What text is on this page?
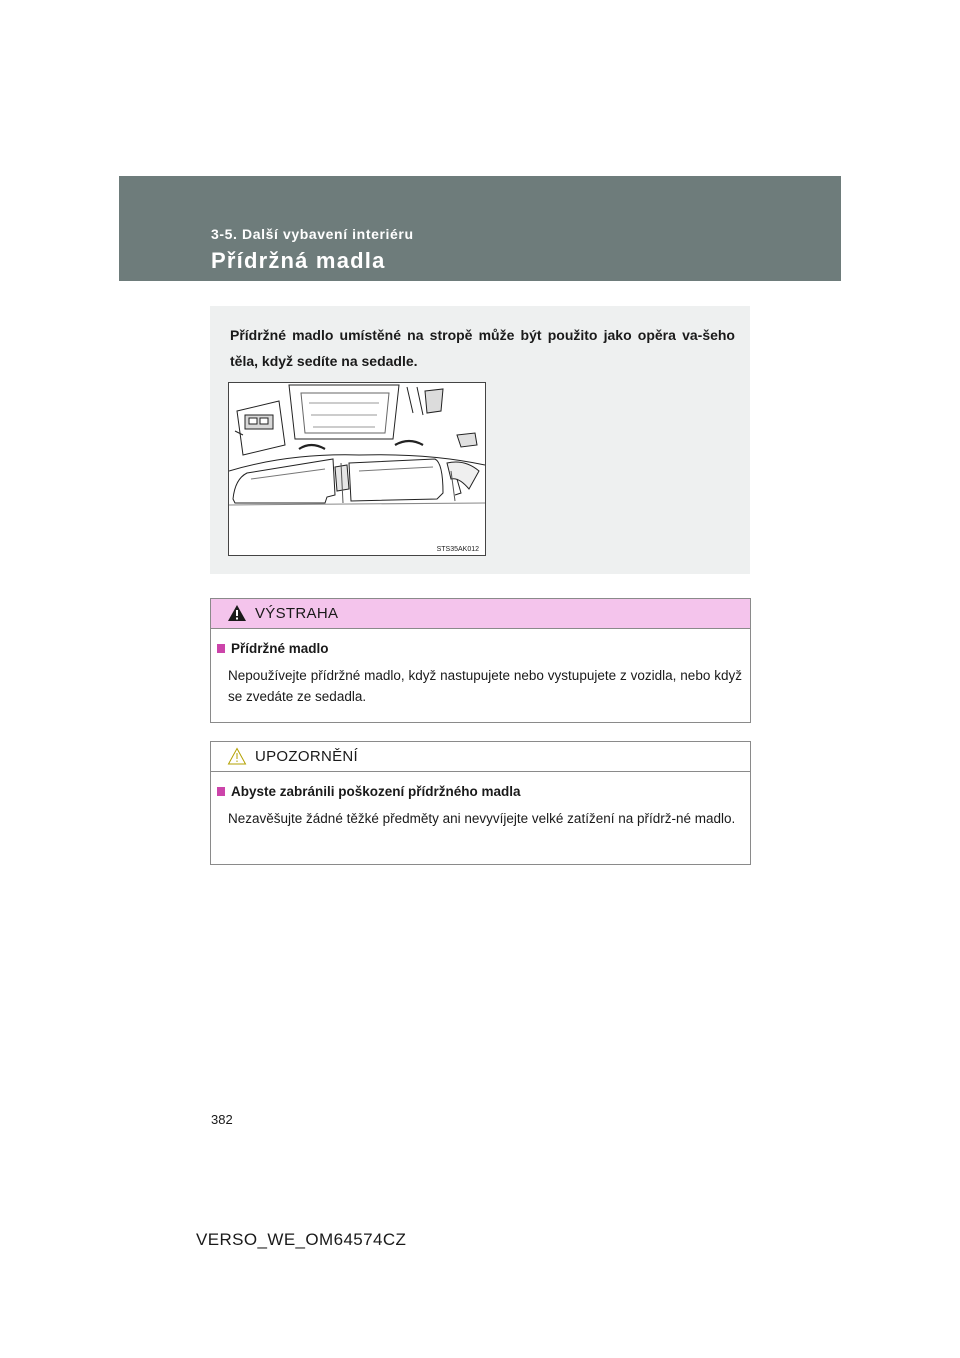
3-5. Další vybavení interiéru
Přídržná madla
Přídržné madlo umístěné na stropě může být použito jako opěra va-šeho těla, když sedíte na sedadle.
STS35AK012
VÝSTRAHA
Přídržné madlo
Nepoužívejte přídržné madlo, když nastupujete nebo vystupujete z vozidla, nebo když se zvedáte ze sedadla.
UPOZORNĚNÍ
Abyste zabránili poškození přídržného madla
Nezavěšujte žádné těžké předměty ani nevyvíjejte velké zatížení na přídrž-né madlo.
382
VERSO_WE_OM64574CZ
